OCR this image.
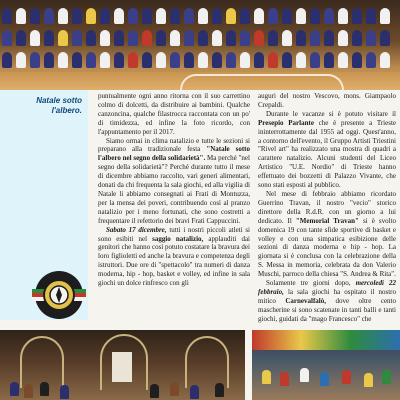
Natale sotto l'albero.

puntualmente ogni anno ritorna con il suo carrettino colmo di dolcetti, da distribuire ai bambini. Qualche canzoncina, qualche filastrocca raccontata con un po' di timidezza, ed infine la foto ricordo, con l'appuntamento per il 2017.

Siamo ormai in clima natalizio e tutte le sezioni si preparano alla tradizionale festa "Natale sotto l'albero nel segno della solidarietà". Ma perché "nel segno della solidarietà"? Perché durante tutto il mese di dicembre abbiamo raccolto, vari generi alimentari, donati da chi frequenta la sala giochi, ed alla vigilia di Natale li abbiamo consegnati ai Frati di Montuzza, per la mensa dei poveri, contribuendo così al pranzo natalizio per i meno fortunati, che sono costretti a frequentare il refettorio dei bravi Frati Cappuccini.

Sabato 17 dicembre, tutti i nostri piccoli atleti si sono esibiti nel saggio natalizio, applauditi dai genitori che hanno così potuto costatare la bravura dei loro figlioletti ed anche la bravura e competenza degli istruttori. Due ore di "spettacolo" tra numeri di danza moderna, hip - hop, basket e volley, ed infine in sala giochi un dolce rinfresco con gli

auguri del nostro Vescovo, mons. Giampaolo Crepaldi.

Durante le vacanze si è potuto visitare il Presepio Parlante che è presente a Trieste ininterrottamente dal 1955 ad oggi. Quest'anno, a contorno dell'evento, il Gruppo Artisti Triestini "Rivel art" ha realizzato una mostra di quadri a carattere natalizio. Alcuni studenti del Liceo Artistico "U.E. Nordio" di Trieste hanno effettuato dei bozzetti di Palazzo Vivante, che sono stati esposti al pubblico.

Nel mese di febbraio abbiamo ricordato Guerrino Travan, il nostro "vecio" storico direttore della R.d.R. con un giorno a lui dedicato. Il "Memorial Travan" si è svolto domenica 19 con tante sfide sportive di basket e volley e con una simpatica esibizione delle sezioni di danza moderna e hip - hop. La giornata si è conclusa con la celebrazione della S. Messa in memoria, celebrata da don Valerio Muschi, parroco della chiesa "S. Andrea & Rita".

Solamente tre giorni dopo, mercoledì 22 febbraio, la sala giochi ha ospitato il nostro mitico Carnevalfalò, dove oltre cento mascherine si sono scatenate in tanti balli e tanti giochi, guidati da "mago Francesco" che
